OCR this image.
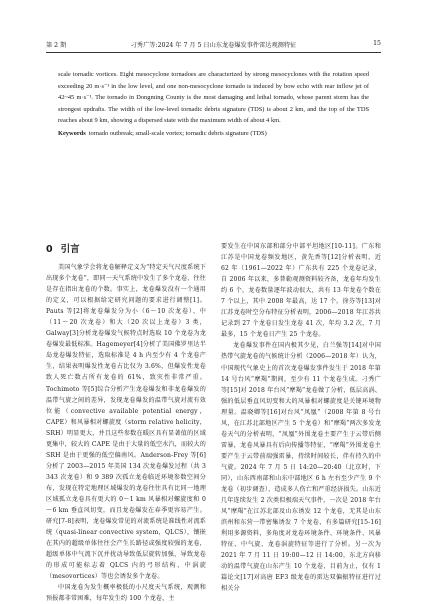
第 2 期	刁秀广等:2024 年 7 月 5 日山东龙卷爆发事件雷达观测特征	15

scale tornadic vortices. Eight mesocyclone tornadoes are characterized by strong mesocyclones with the rotation speed exceeding 20 m·s⁻¹ in the low level, and one non-mesocyclone tornado is induced by bow echo with rear inflow jet of 42~45 m·s⁻¹. The tornado in Dongming County is the most damaging and lethal tornado, whose parent storm has the strongest updrafts. The width of the low-level tornadic debris signature (TDS) is about 2 km, and the top of the TDS reaches about 9 km, showing a dispersed state with the maximum width of about 4 km.

Keywords tornado outbreak; small-scale vortex; tornadic debris signature (TDS)

0 引言

美国气象学会将龙卷解释定义为“特定天气尺度系统下出现多个龙卷”，即同一天气系统中发生了多个龙卷，往往是存在指出龙卷的个数。事实上，龙卷爆发没有一个通用的定义，可以根据给定研究问题的要求进行调整[1]。Pauts 等[2]将龙卷爆发分为小（6～10 次龙卷）、中（11～20 次龙卷）和大（20 次以上龙卷）3 类，Galway[3]分析龙卷爆发气候特点时选取 10 个龙卷为龙卷爆发最低标准。Hagemeyer[4]分析了美国佛罗里达半岛龙卷爆发特征，选取标准是 4 h 内至少有 4 个龙卷产生，结果表明爆发性龙卷占比仅为 3.6%，但爆发性龙卷致人死亡数占所有龙卷的 61%，致灾性非常严重。Tochimoto 等[5]综合分析产生龙卷爆发和非龙卷爆发的温带气旋之间的差异，发现龙卷爆发的温带气旋对流有效位能（convective available potential energy，CAPE）和风暴相对螺旋度（storm relative helicity，SRH）明显更大，并且这些参数在暖区具有显著值的区域更集中，较大的 CAPE 是由于大量的低空水汽，而较大的 SRH 是由于更强的低空偏南风。Anderson-Frey 等[6]分析了 2003—2015 年美国 134 次龙卷爆发过程（共 3 343 次龙卷）和 9 389 次孤立龙卷临近环境参数空间分布，发现在特定地理区域爆发的龙卷往往具有比同一地理区域孤立龙卷具有更大的 0～1 km 风暴相对螺旋度和 0～6 km 垂直风切变，而且龙卷爆发在春季更容易产生。研究[7-8]表明，龙卷爆发常见的对流系统是准线性对流系统（quasi-linear convective system，QLCS），镶嵌在其内的超级单体往往会产生长路径或强度较强的龙卷，超级单体中气流下沉并扰动导致低层旋转加强，导致龙卷的形成可能标志着 QLCS 内的弓形结构、中涡旋（mesovortices）等也会诱发多个龙卷。

中国龙卷为发生概率极低的小尺度天气系统，观测和预报都非常困难，每年发生约 100 个龙卷，主

要发生在中国东部和部分中部平坦地区[10-11]。广东和江苏是中国龙卷频发地区，黄先香等[12]分析表明，近 62 年（1961—2022 年）广东共有 225 个龙卷记录，自 2006 年以来，多普勒观测资料较齐备，龙卷年均发生约 6 个，龙卷数量逐年波动很大，共有 13 年龙卷个数在 7 个以上，其中 2008 年最高，达 17 个。徐芬等[13]对江苏龙卷时空分布特征分析表明，2006—2018 年江苏共记录到 27 个龙卷日发生龙卷 41 次，年均 3.2 次，7 月最多，15 个龙卷日产生 25 个龙卷。

龙卷爆发事件在国内极其少见，白兰强等[14]对中国热带气旋龙卷的气候统计分析（2006—2018 年）认为，中国现代气象史上的首次龙卷爆发事件发生于 2018 年第 14 号台风“摩羯”期间，至少有 11 个龙卷生成。刁秀广等[15]对 2018 年台风“摩羯”龙卷做了分析，低层高涡、强的低层垂直风切变和大的风暴相对螺旋度是关键环境物理量。温晓卿等[16]对台风“凤凰”（2008 年第 8 号台风，在江苏北部地区产生 5 个龙卷）和“摩羯”两次多发龙卷天气的分析表明，“凤凰”外围龙卷主要产生于云带后侧雷暴，龙卷风暴具有后向传播等特征，“摩羯”外围龙卷主要产生于云带前端强雷暴，持续时间较长，伴有持久的中气旋。2024 年 7 月 5 日 14:20—20:40（北京时，下同），山东西南部和山东中部地区 6 h 左右至少产生 9 个龙卷（初步调查），造成多人伤亡和严重经济损失。山东近几年连续发生 2 次类似极端天气事件，一次是 2018 年台风“摩羯”在江苏北部及山东诱发 12 个龙卷，无其是山东滨州和东营一带密集诱发 7 个龙卷，有多篇研究[15-16]利用多源资料，多角度对龙卷环境条件、环境条件、风暴特征、中气旋、龙卷涡旋特征等进行了分析。另一次为 2021 年 7 月 11 日 19:00—12 日 14:00，东北方向移动的温带气旋在山东产生 10 个龙卷，目前为止，仅有 1 篇论文[17]对高唐 EF3 级龙卷的雷达双偏振特征进行过相关分
